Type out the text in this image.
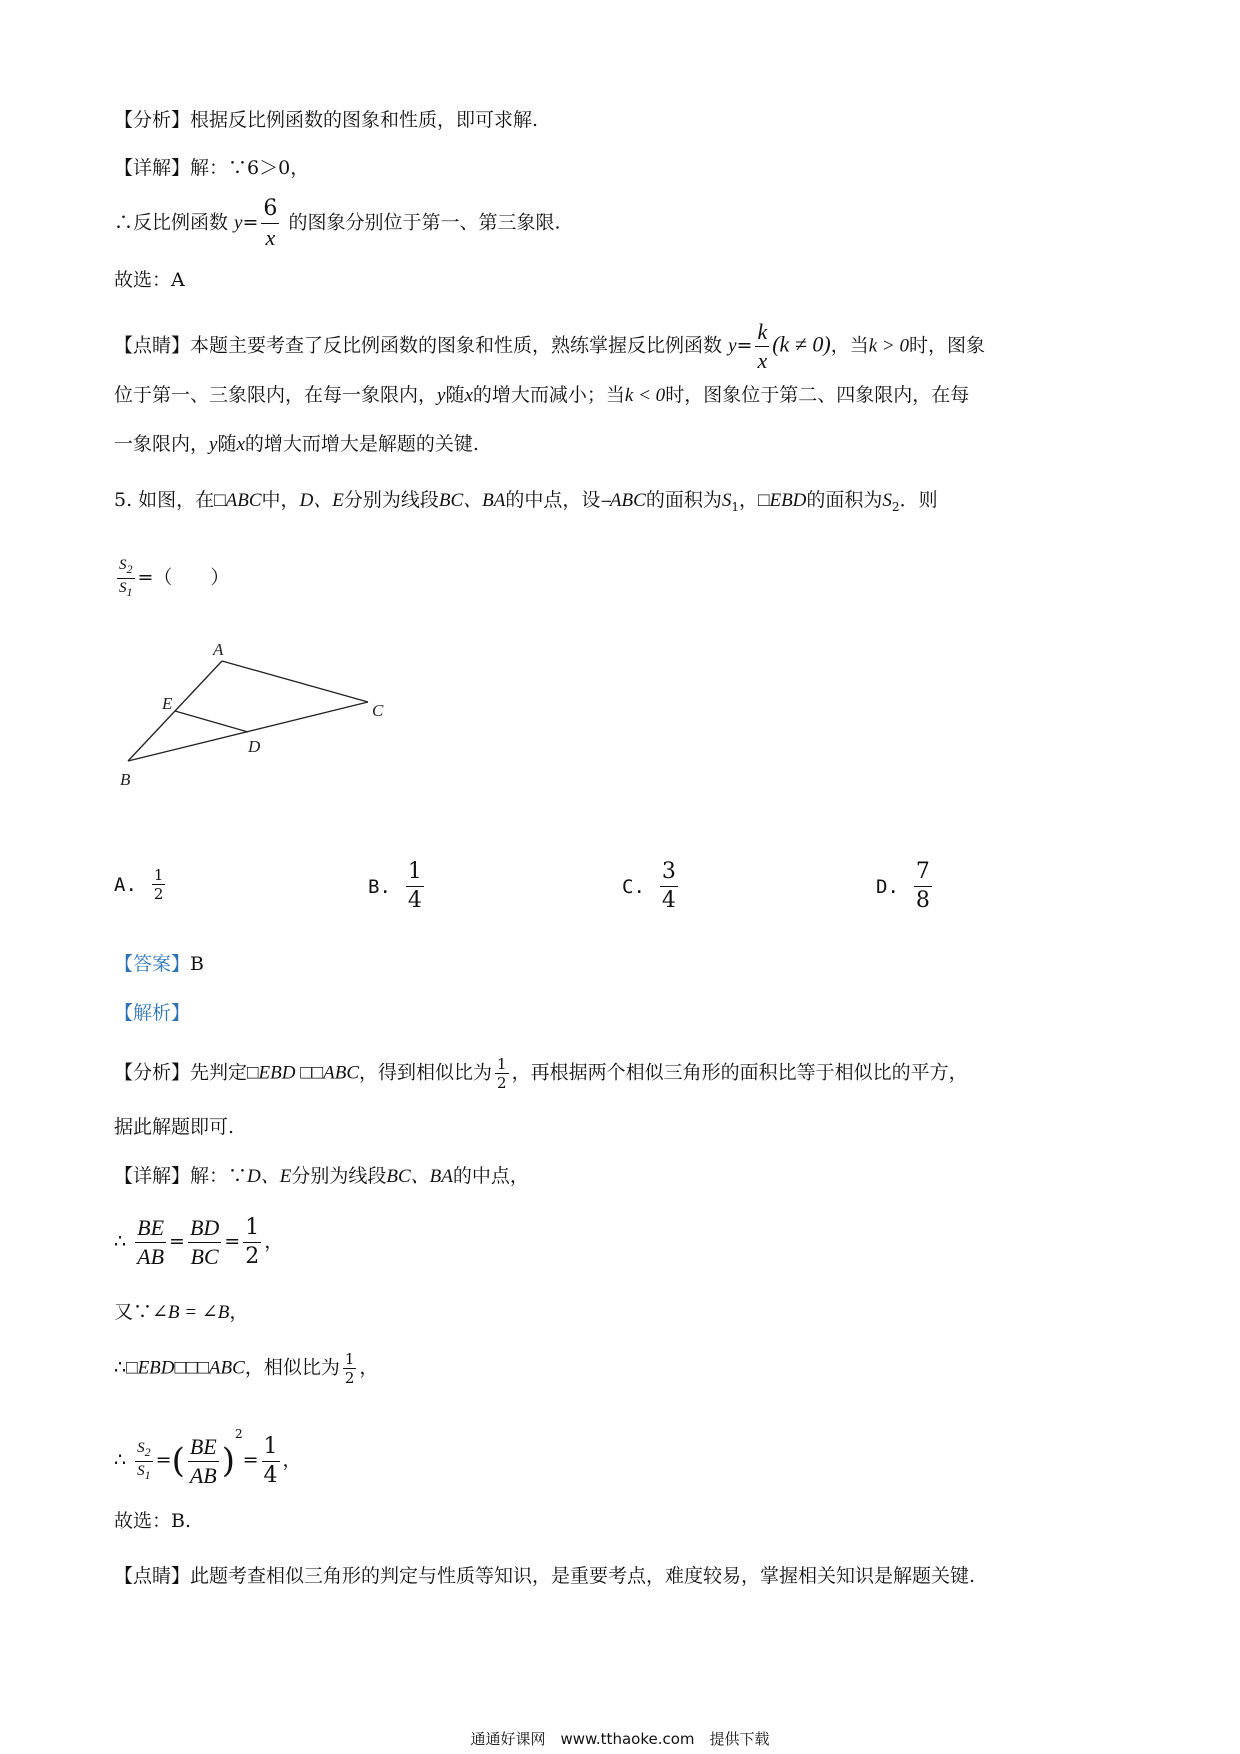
【分析】根据反比例函数的图象和性质，即可求解.
【详解】解：∵6＞0，
∴反比例函数 $y= \frac{6}{x}$ 的图象分别位于第一、第三象限.
故选：A
【点睛】本题主要考查了反比例函数的图象和性质，熟练掌握反比例函数 $y= \frac{k}{x} (k \ne 0)$，当k > 0时，图象
位于第一、三象限内，在每一象限内，y随x的增大而减小；当k < 0时，图象位于第二、四象限内，在每
一象限内，y随x的增大而增大是解题的关键.
5. 如图，在□ABC中，D、E分别为线段BC、BA的中点，设⎯ABC的面积为$S_1$，□EBD的面积为$S_2$．则
$\frac{S_2}{S_1}$ =（　　）
A
B
C
D
E
A. $\frac{1}{2}$	B. $\frac{1}{4}$	C. $\frac{3}{4}$	D. $\frac{7}{8}$
【答案】B
【解析】
【分析】先判定□EBD □□ABC，得到相似比为 $\frac{1}{2}$ ，再根据两个相似三角形的面积比等于相似比的平方，
据此解题即可.
【详解】解：∵D、E分别为线段BC、BA的中点，
∴ $\frac{BE}{AB} = \frac{BD}{BC} = \frac{1}{2}$ ，
又∵∠B = ∠B，
∴□EBD□□□ABC，相似比为 $\frac{1}{2}$ ，
∴ $\frac{S_2}{S_1}$ =( $\frac{BE}{AB} )^2= \frac{1}{4}$ ，
故选：B.
【点睛】此题考查相似三角形的判定与性质等知识，是重要考点，难度较易，掌握相关知识是解题关键.
通通好课网　www.tthaoke.com　提供下载
